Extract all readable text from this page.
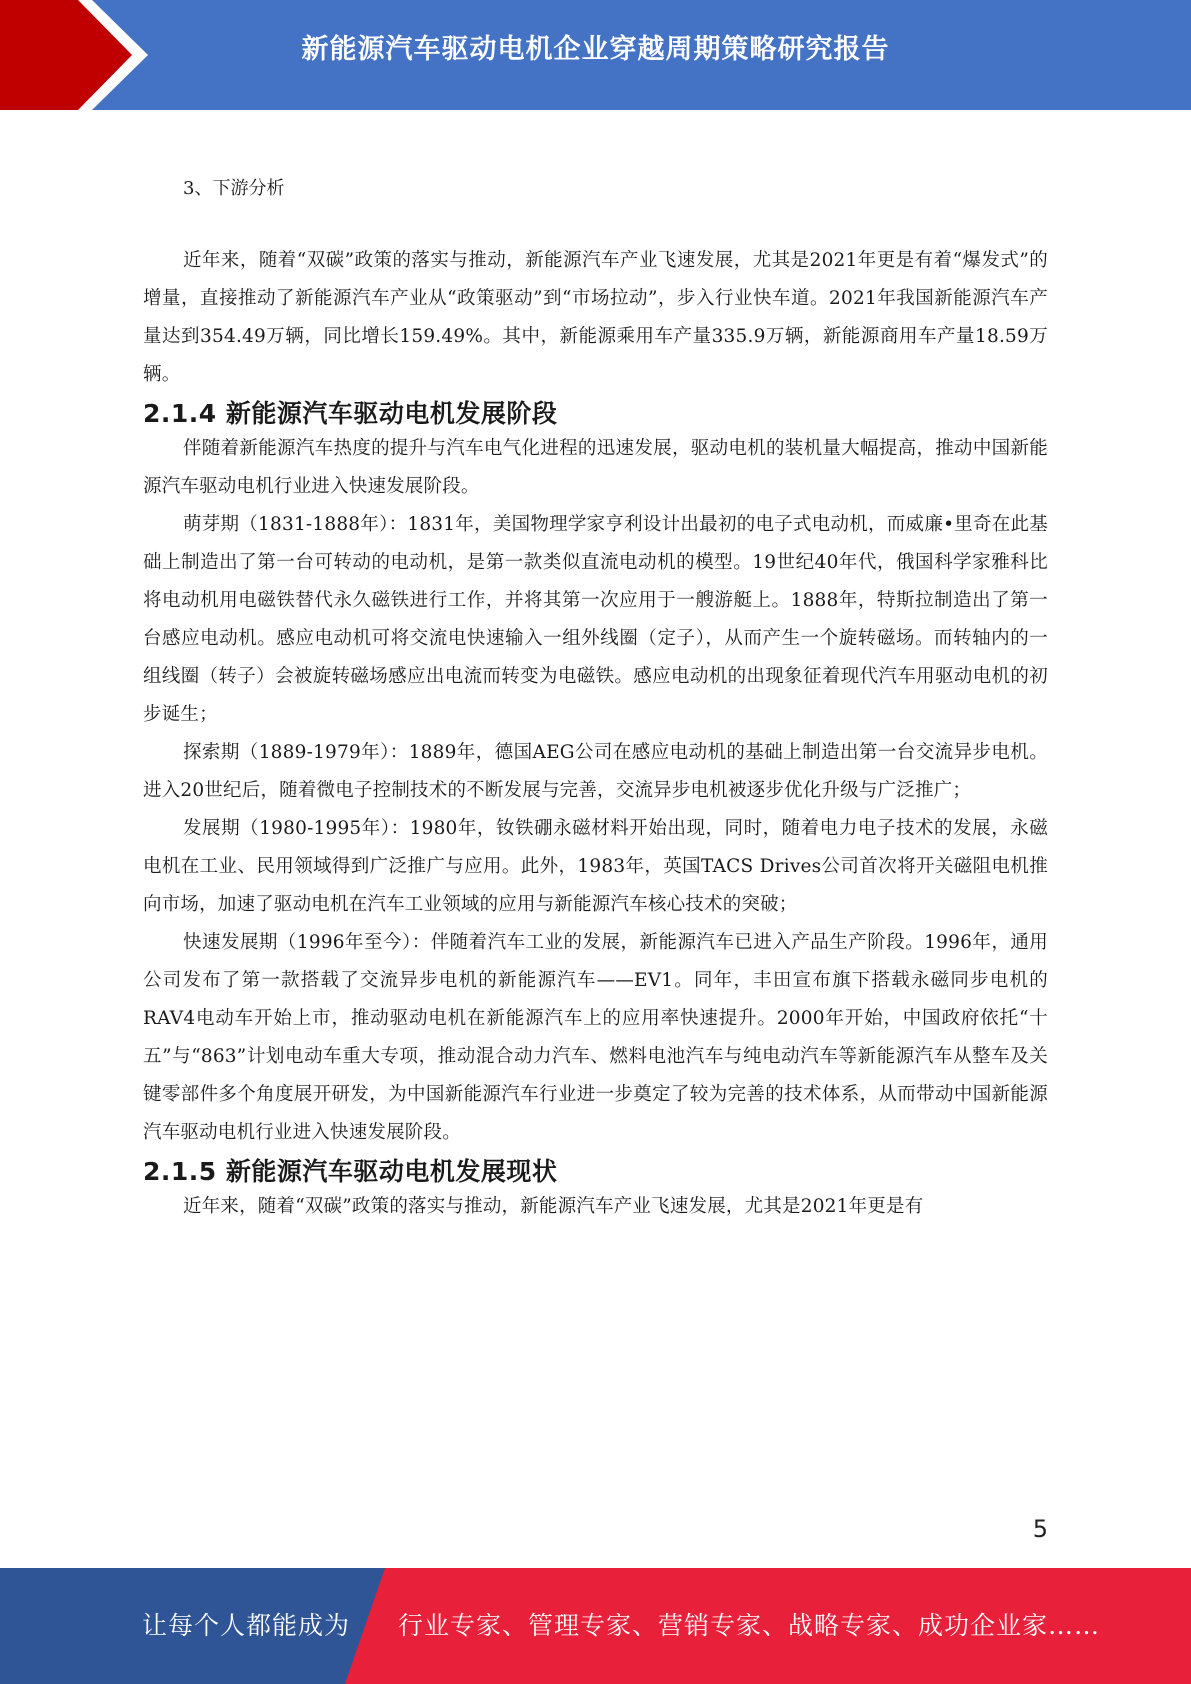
新能源汽车驱动电机企业穿越周期策略研究报告
3、下游分析

近年来，随着“双碳”政策的落实与推动，新能源汽车产业飞速发展，尤其是2021年更是有着“爆发式”的增量，直接推动了新能源汽车产业从“政策驱动”到“市场拉动”，步入行业快车道。2021年我国新能源汽车产量达到354.49万辆，同比增长159.49%。其中，新能源乘用车产量335.9万辆，新能源商用车产量18.59万辆。

2.1.4 新能源汽车驱动电机发展阶段

伴随着新能源汽车热度的提升与汽车电气化进程的迅速发展，驱动电机的装机量大幅提高，推动中国新能源汽车驱动电机行业进入快速发展阶段。

萌芽期（1831-1888年）：1831年，美国物理学家亨利设计出最初的电子式电动机，而威廉•里奇在此基础上制造出了第一台可转动的电动机，是第一款类似直流电动机的模型。19世纪40年代，俄国科学家雅科比将电动机用电磁铁替代永久磁铁进行工作，并将其第一次应用于一艘游艇上。1888年，特斯拉制造出了第一台感应电动机。感应电动机可将交流电快速输入一组外线圈（定子），从而产生一个旋转磁场。而转轴内的一组线圈（转子）会被旋转磁场感应出电流而转变为电磁铁。感应电动机的出现象征着现代汽车用驱动电机的初步诞生；

探索期（1889-1979年）：1889年，德国AEG公司在感应电动机的基础上制造出第一台交流异步电机。进入20世纪后，随着微电子控制技术的不断发展与完善，交流异步电机被逐步优化升级与广泛推广；

发展期（1980-1995年）：1980年，钕铁硼永磁材料开始出现，同时，随着电力电子技术的发展，永磁电机在工业、民用领域得到广泛推广与应用。此外，1983年，英国TACS Drives公司首次将开关磁阻电机推向市场，加速了驱动电机在汽车工业领域的应用与新能源汽车核心技术的突破；

快速发展期（1996年至今）：伴随着汽车工业的发展，新能源汽车已进入产品生产阶段。1996年，通用公司发布了第一款搭载了交流异步电机的新能源汽车——EV1。同年，丰田宣布旗下搭载永磁同步电机的RAV4电动车开始上市，推动驱动电机在新能源汽车上的应用率快速提升。2000年开始，中国政府依托“十五”与“863”计划电动车重大专项，推动混合动力汽车、燃料电池汽车与纯电动汽车等新能源汽车从整车及关键零部件多个角度展开研发，为中国新能源汽车行业进一步奠定了较为完善的技术体系，从而带动中国新能源汽车驱动电机行业进入快速发展阶段。

2.1.5 新能源汽车驱动电机发展现状

近年来，随着“双碳”政策的落实与推动，新能源汽车产业飞速发展，尤其是2021年更是有

5
让每个人都能成为 行业专家、管理专家、营销专家、战略专家、成功企业家……
